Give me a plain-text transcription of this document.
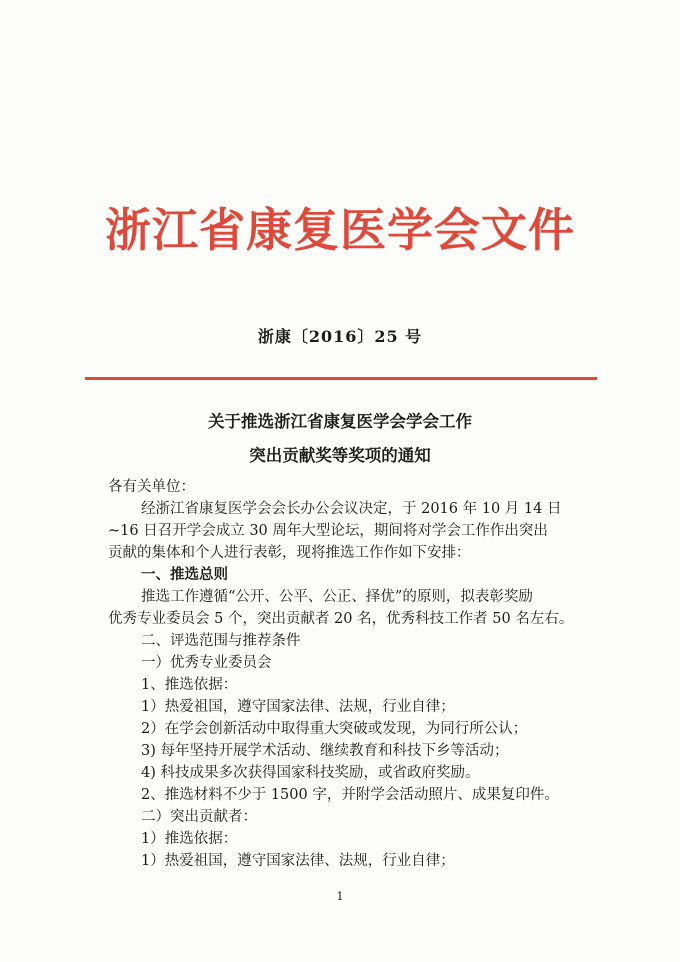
浙江省康复医学会文件
浙康〔2016〕25 号
关于推选浙江省康复医学会学会工作
突出贡献奖等奖项的通知
各有关单位：
经浙江省康复医学会会长办公会议决定，于 2016 年 10 月 14 日
~16 日召开学会成立 30 周年大型论坛，期间将对学会工作作出突出
贡献的集体和个人进行表彰，现将推选工作作如下安排：
一、推选总则
推选工作遵循“公开、公平、公正、择优”的原则，拟表彰奖励
优秀专业委员会 5 个，突出贡献者 20 名，优秀科技工作者 50 名左右。
二、评选范围与推荐条件
一）优秀专业委员会
1、推选依据：
1）热爱祖国，遵守国家法律、法规，行业自律；
2）在学会创新活动中取得重大突破或发现，为同行所公认；
3) 每年坚持开展学术活动、继续教育和科技下乡等活动；
4) 科技成果多次获得国家科技奖励，或省政府奖励。
2、推选材料不少于 1500 字，并附学会活动照片、成果复印件。
二）突出贡献者：
1）推选依据：
1）热爱祖国，遵守国家法律、法规，行业自律；
1
